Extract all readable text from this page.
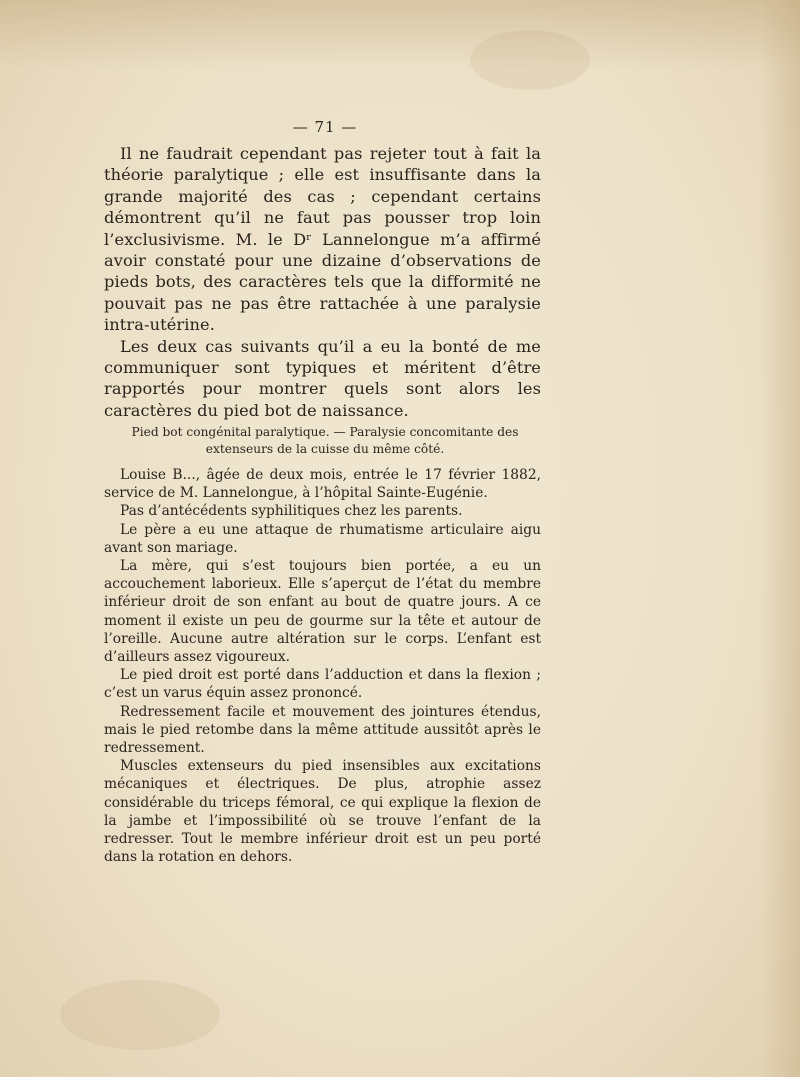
— 71 —

Il ne faudrait cependant pas rejeter tout à fait la théorie paralytique ; elle est insuffisante dans la grande majorité des cas ; cependant certains démontrent qu’il ne faut pas pousser trop loin l’exclusivisme. M. le Dʳ Lannelongue m’a affirmé avoir constaté pour une dizaine d’observations de pieds bots, des caractères tels que la difformité ne pouvait pas ne pas être rattachée à une paralysie intra-utérine.

Les deux cas suivants qu’il a eu la bonté de me communiquer sont typiques et méritent d’être rapportés pour montrer quels sont alors les caractères du pied bot de naissance.

Pied bot congénital paralytique. — Paralysie concomitante des extenseurs de la cuisse du même côté.

Louise B..., âgée de deux mois, entrée le 17 février 1882, service de M. Lannelongue, à l’hôpital Sainte-Eugénie.

Pas d’antécédents syphilitiques chez les parents.

Le père a eu une attaque de rhumatisme articulaire aigu avant son mariage.

La mère, qui s’est toujours bien portée, a eu un accouchement laborieux. Elle s’aperçut de l’état du membre inférieur droit de son enfant au bout de quatre jours. A ce moment il existe un peu de gourme sur la tête et autour de l’oreille. Aucune autre altération sur le corps. L’enfant est d’ailleurs assez vigoureux.

Le pied droit est porté dans l’adduction et dans la flexion ; c’est un varus équin assez prononcé.

Redressement facile et mouvement des jointures étendus, mais le pied retombe dans la même attitude aussitôt après le redressement.

Muscles extenseurs du pied insensibles aux excitations mécaniques et électriques. De plus, atrophie assez considérable du triceps fémoral, ce qui explique la flexion de la jambe et l’impossibilité où se trouve l’enfant de la redresser. Tout le membre inférieur droit est un peu porté dans la rotation en dehors.
